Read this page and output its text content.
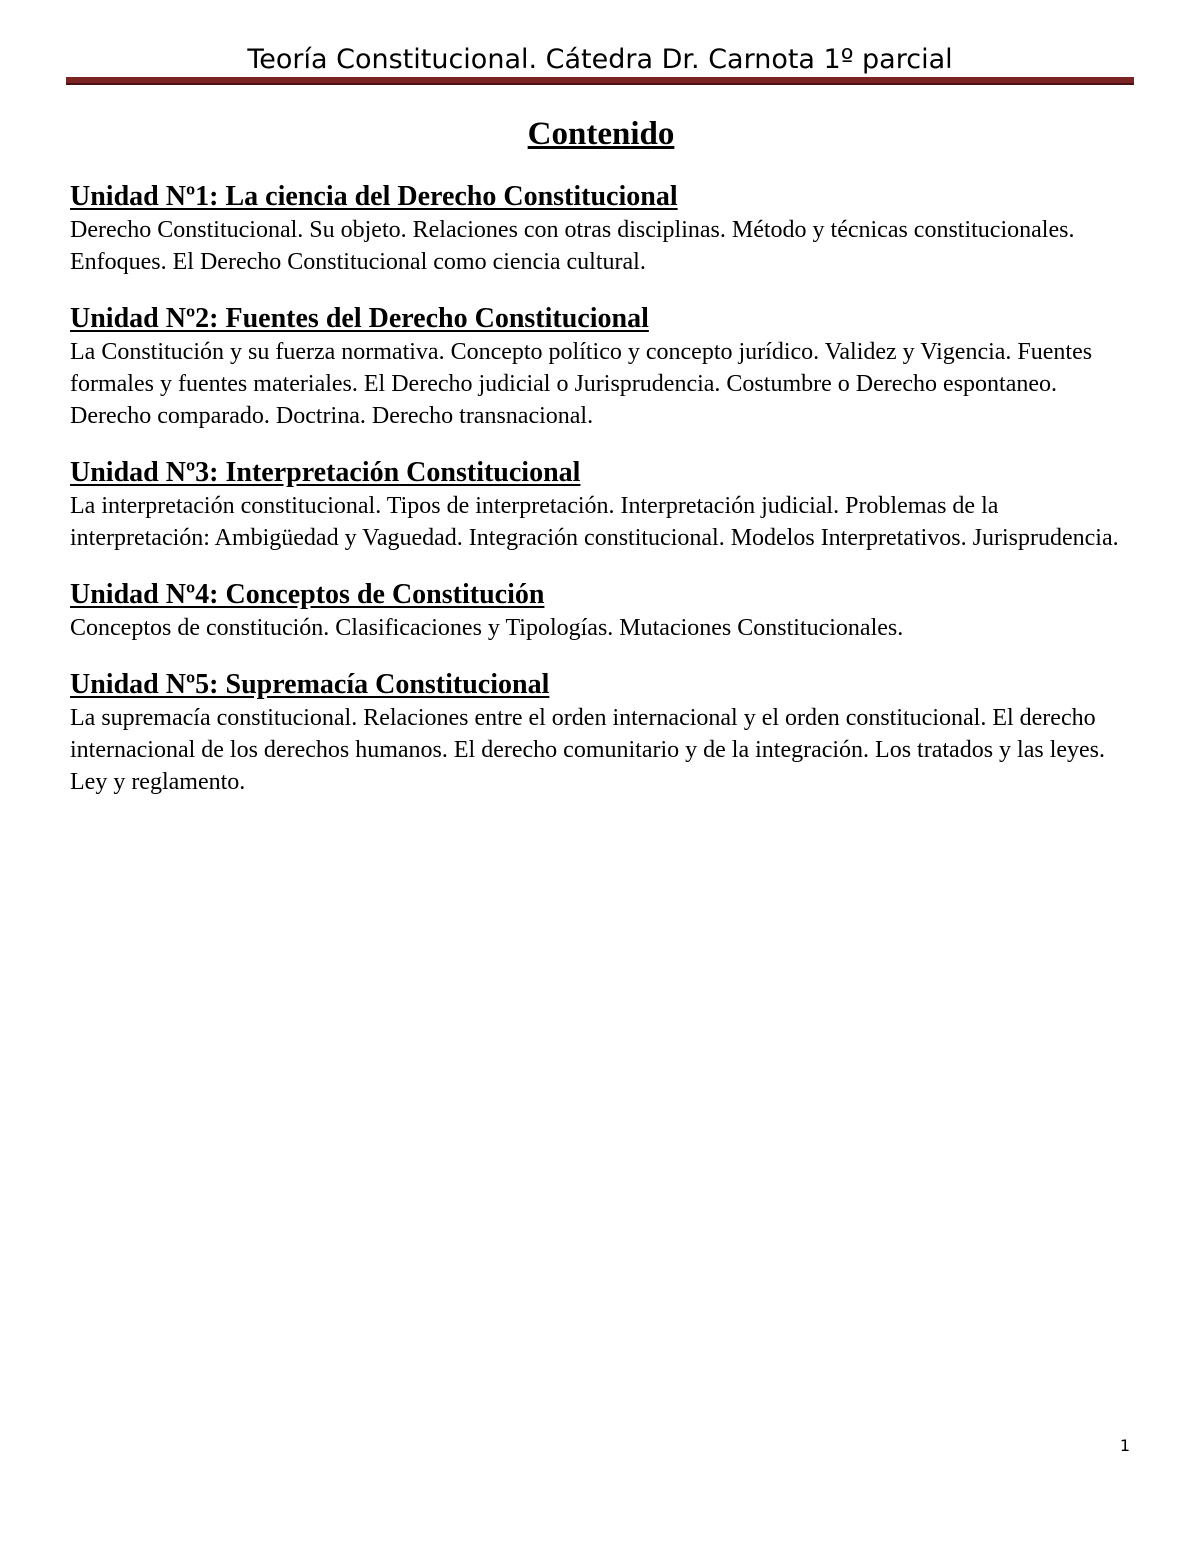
Teoría Constitucional. Cátedra Dr. Carnota 1º parcial
Contenido
Unidad Nº1: La ciencia del Derecho Constitucional

Derecho Constitucional. Su objeto. Relaciones con otras disciplinas. Método y técnicas constitucionales. Enfoques. El Derecho Constitucional como ciencia cultural.

Unidad Nº2: Fuentes del Derecho Constitucional

La Constitución y su fuerza normativa. Concepto político y concepto jurídico. Validez y Vigencia. Fuentes formales y fuentes materiales. El Derecho judicial o Jurisprudencia. Costumbre o Derecho espontaneo. Derecho comparado. Doctrina. Derecho transnacional.

Unidad Nº3: Interpretación Constitucional

La interpretación constitucional. Tipos de interpretación. Interpretación judicial. Problemas de la interpretación: Ambigüedad y Vaguedad. Integración constitucional. Modelos Interpretativos. Jurisprudencia.

Unidad Nº4: Conceptos de Constitución

Conceptos de constitución. Clasificaciones y Tipologías. Mutaciones Constitucionales.

Unidad Nº5: Supremacía Constitucional

La supremacía constitucional. Relaciones entre el orden internacional y el orden constitucional. El derecho internacional de los derechos humanos. El derecho comunitario y de la integración. Los tratados y las leyes. Ley y reglamento.

1
